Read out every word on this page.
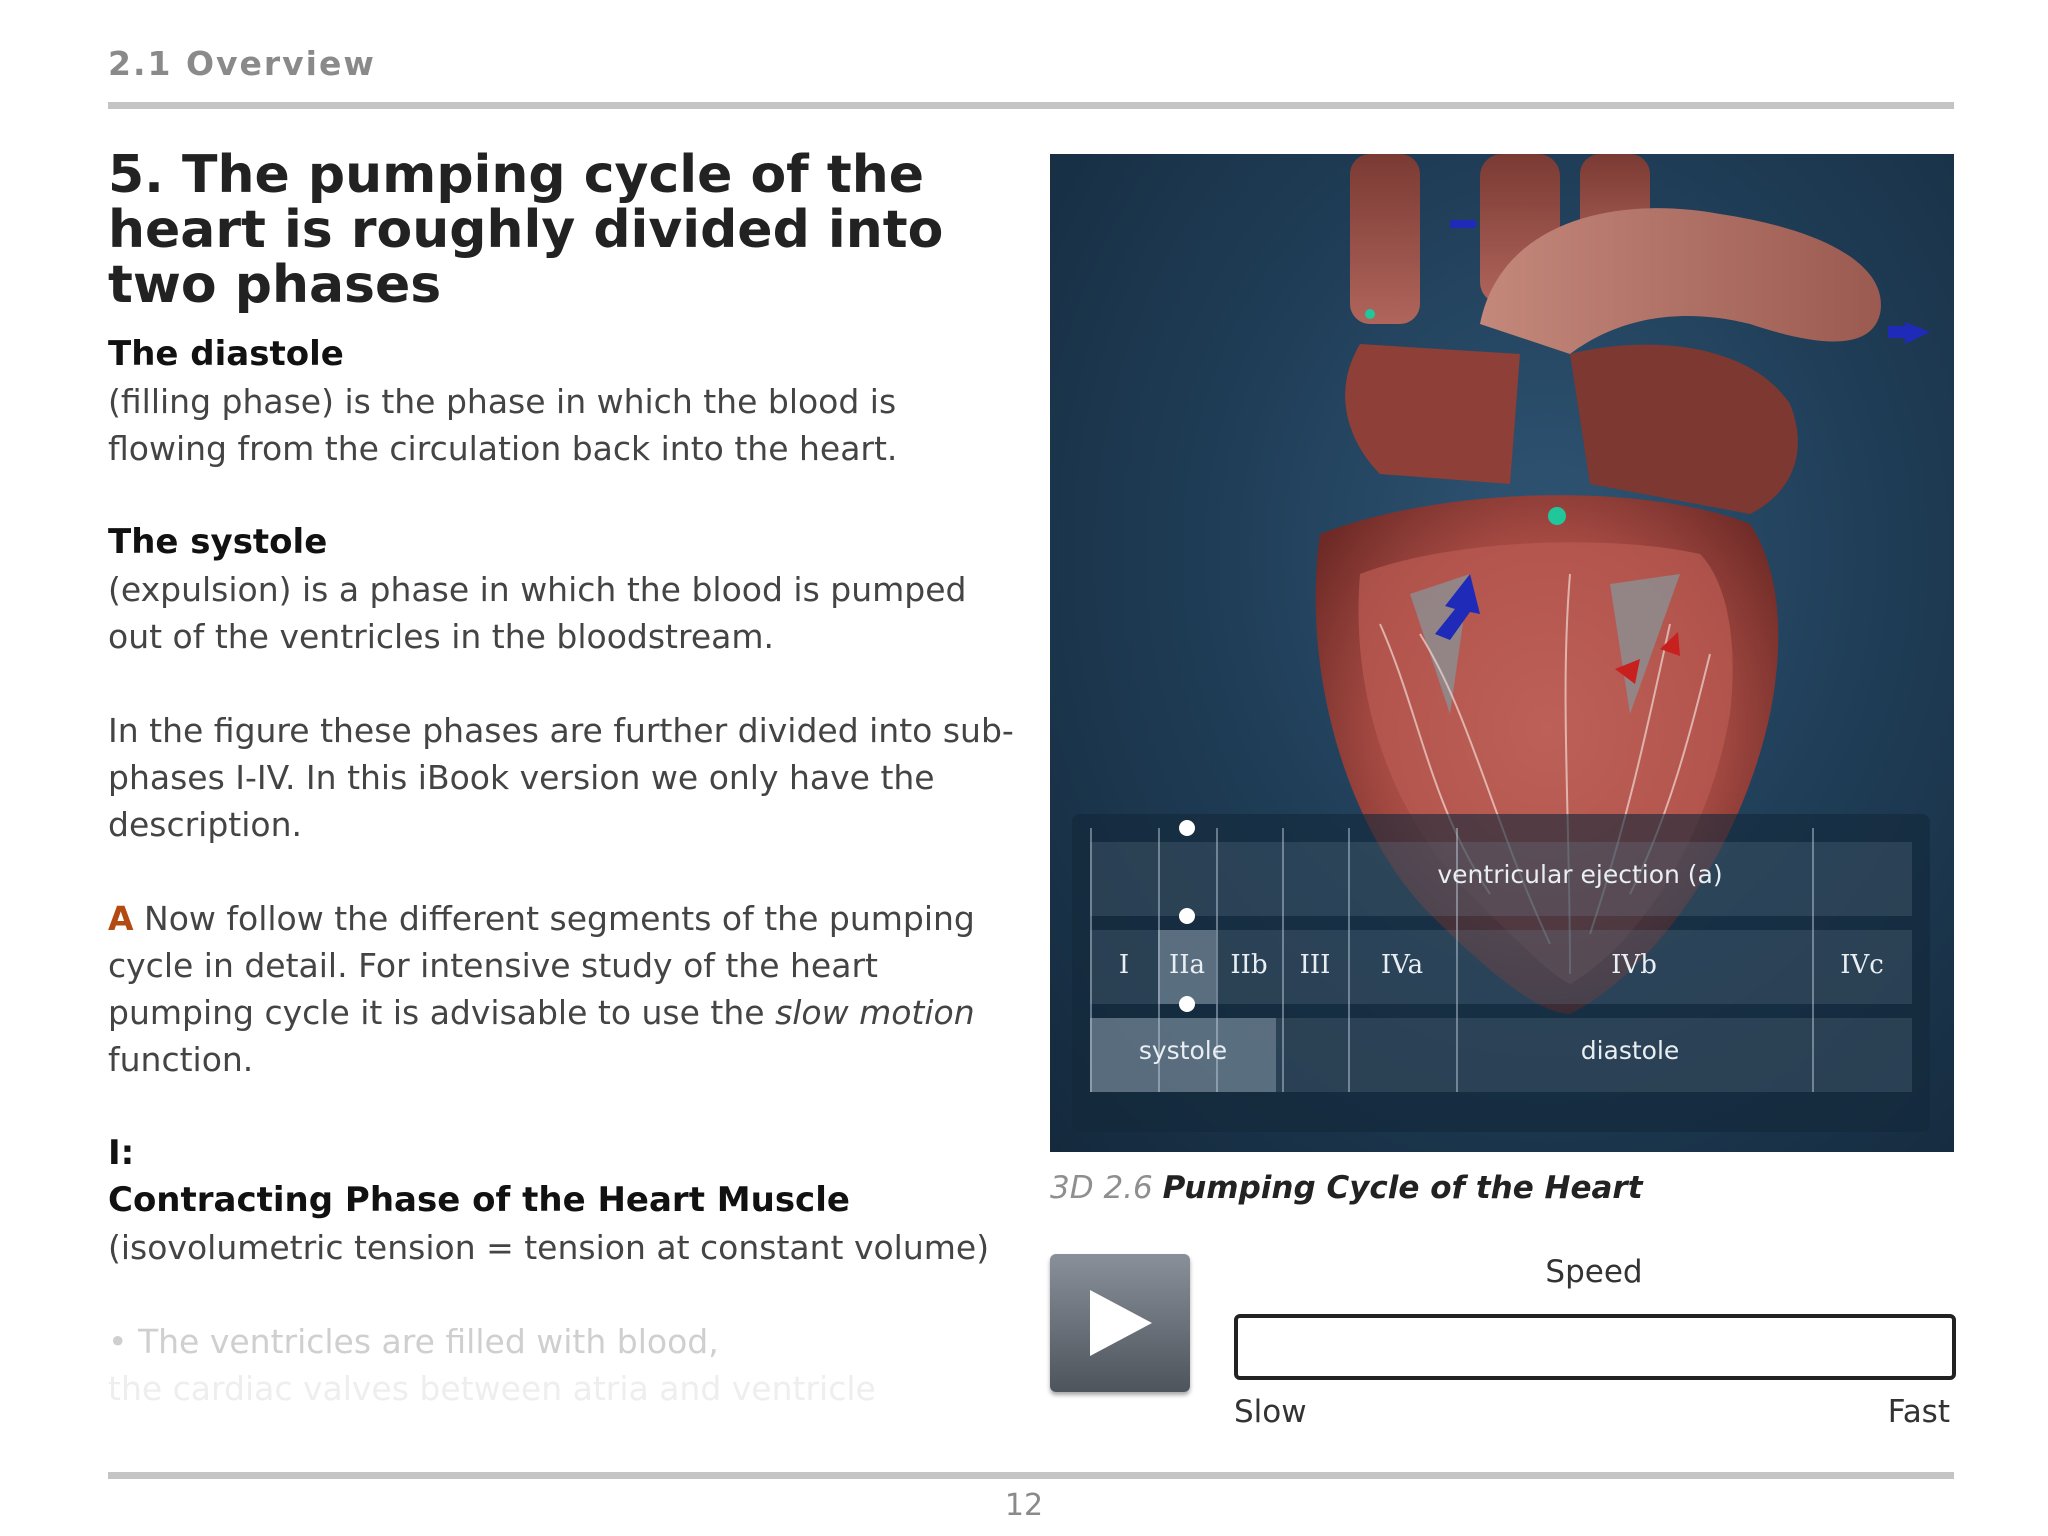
2.1 Overview
5. The pumping cycle of the heart is roughly divided into two phases
The diastole

(filling phase) is the phase in which the blood is flowing from the circulation back into the heart.

The systole

(expulsion) is a phase in which the blood is pumped out of the ventricles in the bloodstream.

In the figure these phases are further divided into sub-phases I-IV. In this iBook version we only have the description.

A Now follow the different segments of the pumping cycle in detail. For intensive study of the heart pumping cycle it is advisable to use the slow motion function.

I:
Contracting Phase of the Heart Muscle

(isovolumetric tension = tension at constant volume)

• The ventricles are filled with blood,

the cardiac valves between atria and ventricle

ventricular ejection (a)
I	IIa IIb	III	IVa	IVb	IVc
systole	diastole
3D 2.6 Pumping Cycle of the Heart
Speed
Slow	Fast
12
